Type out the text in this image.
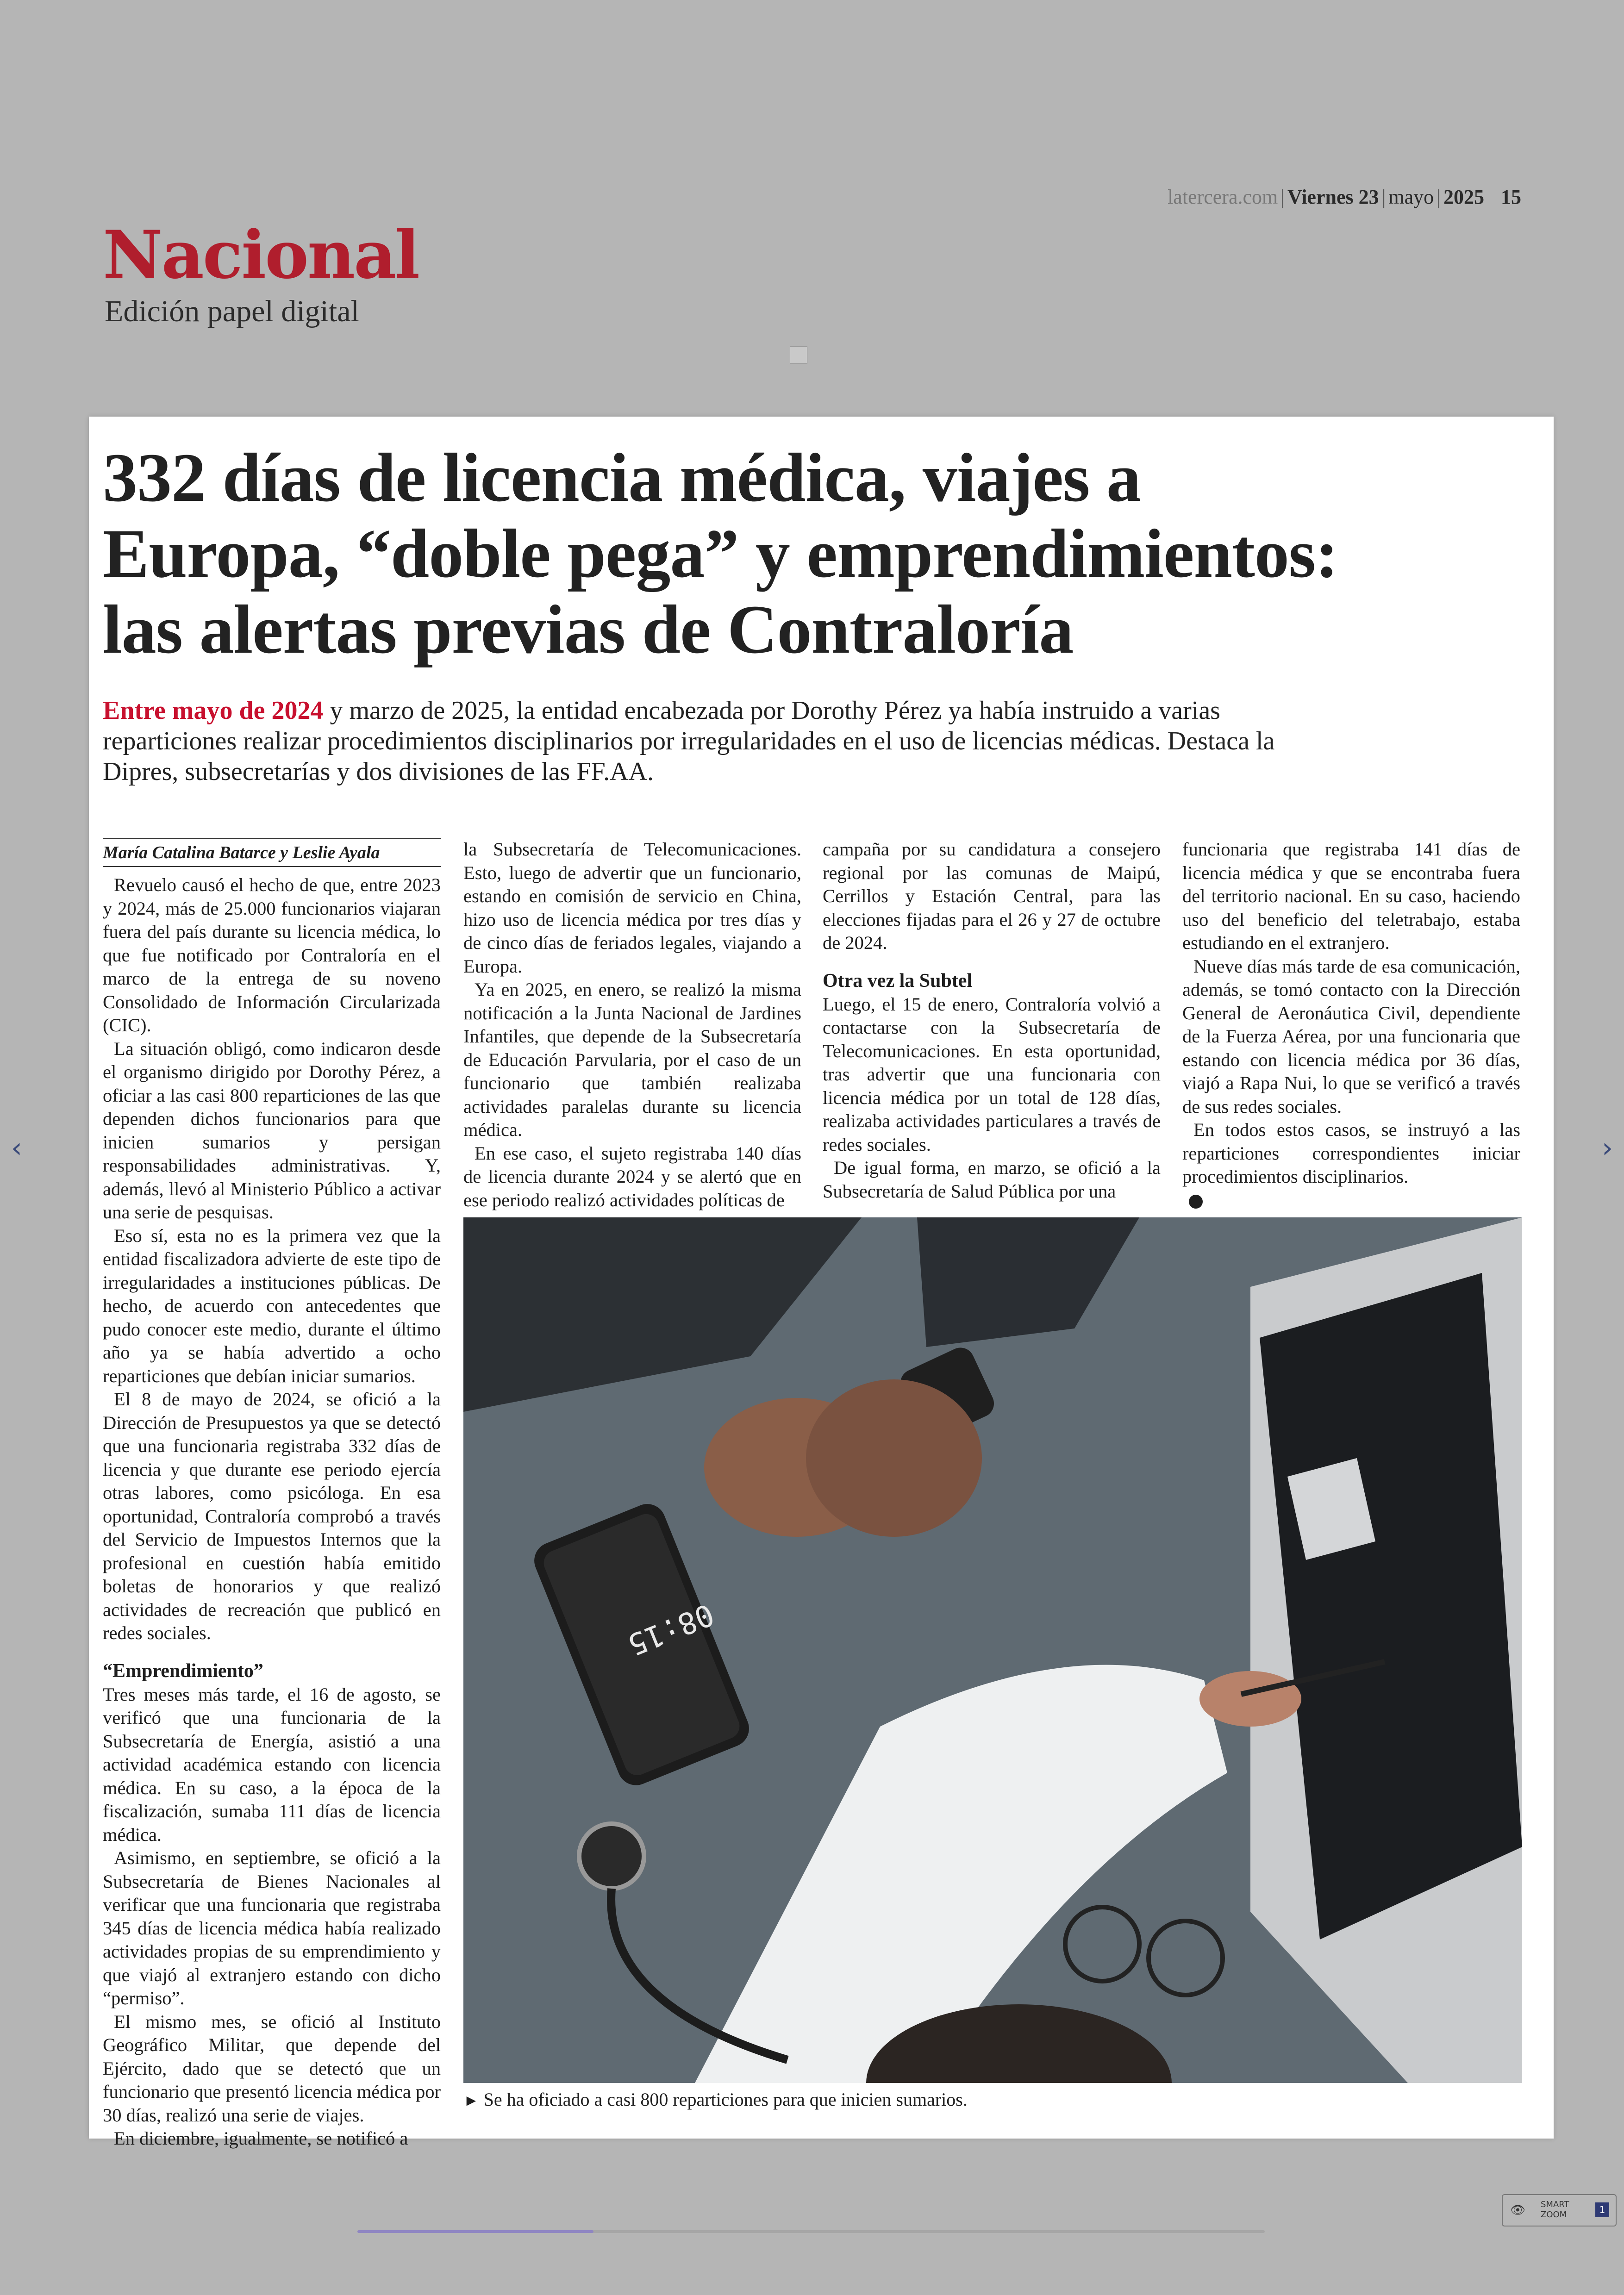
latercera.com | Viernes 23 | mayo | 2025 15
Nacional
Edición papel digital
‹	›
332 días de licencia médica, viajes a
Europa, “doble pega” y emprendimientos:
las alertas previas de Contraloría
Entre mayo de 2024 y marzo de 2025, la entidad encabezada por Dorothy Pérez ya había instruido a varias reparticiones realizar procedimientos disciplinarios por irregularidades en el uso de licencias médicas. Destaca la Dipres, subsecretarías y dos divisiones de las FF.AA.
María Catalina Batarce y Leslie Ayala

Revuelo causó el hecho de que, entre 2023 y 2024, más de 25.000 funcionarios viajaran fuera del país durante su licencia médica, lo que fue notificado por Contraloría en el marco de la entrega de su noveno Consolidado de Información Circularizada (CIC).

La situación obligó, como indicaron desde el organismo dirigido por Dorothy Pérez, a oficiar a las casi 800 reparticiones de las que dependen dichos funcionarios para que inicien sumarios y persigan responsabilidades administrativas. Y, además, llevó al Ministerio Público a activar una serie de pesquisas.

Eso sí, esta no es la primera vez que la entidad fiscalizadora advierte de este tipo de irregularidades a instituciones públicas. De hecho, de acuerdo con antecedentes que pudo conocer este medio, durante el último año ya se había advertido a ocho reparticiones que debían iniciar sumarios.

El 8 de mayo de 2024, se ofició a la Dirección de Presupuestos ya que se detectó que una funcionaria registraba 332 días de licencia y que durante ese periodo ejercía otras labores, como psicóloga. En esa oportunidad, Contraloría comprobó a través del Servicio de Impuestos Internos que la profesional en cuestión había emitido boletas de honorarios y que realizó actividades de recreación que publicó en redes sociales.

“Emprendimiento”

Tres meses más tarde, el 16 de agosto, se verificó que una funcionaria de la Subsecretaría de Energía, asistió a una actividad académica estando con licencia médica. En su caso, a la época de la fiscalización, sumaba 111 días de licencia médica.

Asimismo, en septiembre, se ofició a la Subsecretaría de Bienes Nacionales al verificar que una funcionaria que registraba 345 días de licencia médica había realizado actividades propias de su emprendimiento y que viajó al extranjero estando con dicho “permiso”.

El mismo mes, se ofició al Instituto Geográfico Militar, que depende del Ejército, dado que se detectó que un funcionario que presentó licencia médica por 30 días, realizó una serie de viajes.

En diciembre, igualmente, se notificó a

la Subsecretaría de Telecomunicaciones. Esto, luego de advertir que un funcionario, estando en comisión de servicio en China, hizo uso de licencia médica por tres días y de cinco días de feriados legales, viajando a Europa.

Ya en 2025, en enero, se realizó la misma notificación a la Junta Nacional de Jardines Infantiles, que depende de la Subsecretaría de Educación Parvularia, por el caso de un funcionario que también realizaba actividades paralelas durante su licencia médica.

En ese caso, el sujeto registraba 140 días de licencia durante 2024 y se alertó que en ese periodo realizó actividades políticas de

campaña por su candidatura a consejero regional por las comunas de Maipú, Cerrillos y Estación Central, para las elecciones fijadas para el 26 y 27 de octubre de 2024.

Otra vez la Subtel

Luego, el 15 de enero, Contraloría volvió a contactarse con la Subsecretaría de Telecomunicaciones. En esta oportunidad, tras advertir que una funcionaria con licencia médica por un total de 128 días, realizaba actividades particulares a través de redes sociales.

De igual forma, en marzo, se ofició a la Subsecretaría de Salud Pública por una

funcionaria que registraba 141 días de licencia médica y que se encontraba fuera del territorio nacional. En su caso, haciendo uso del beneficio del teletrabajo, estaba estudiando en el extranjero.

Nueve días más tarde de esa comunicación, además, se tomó contacto con la Dirección General de Aeronáutica Civil, dependiente de la Fuerza Aérea, por una funcionaria que estando con licencia médica por 36 días, viajó a Rapa Nui, lo que se verificó a través de sus redes sociales.

En todos estos casos, se instruyó a las reparticiones correspondientes iniciar procedimientos disciplinarios.

08:15
► Se ha oficiado a casi 800 reparticiones para que inicien sumarios.
👁 SMART
ZOOM	1
